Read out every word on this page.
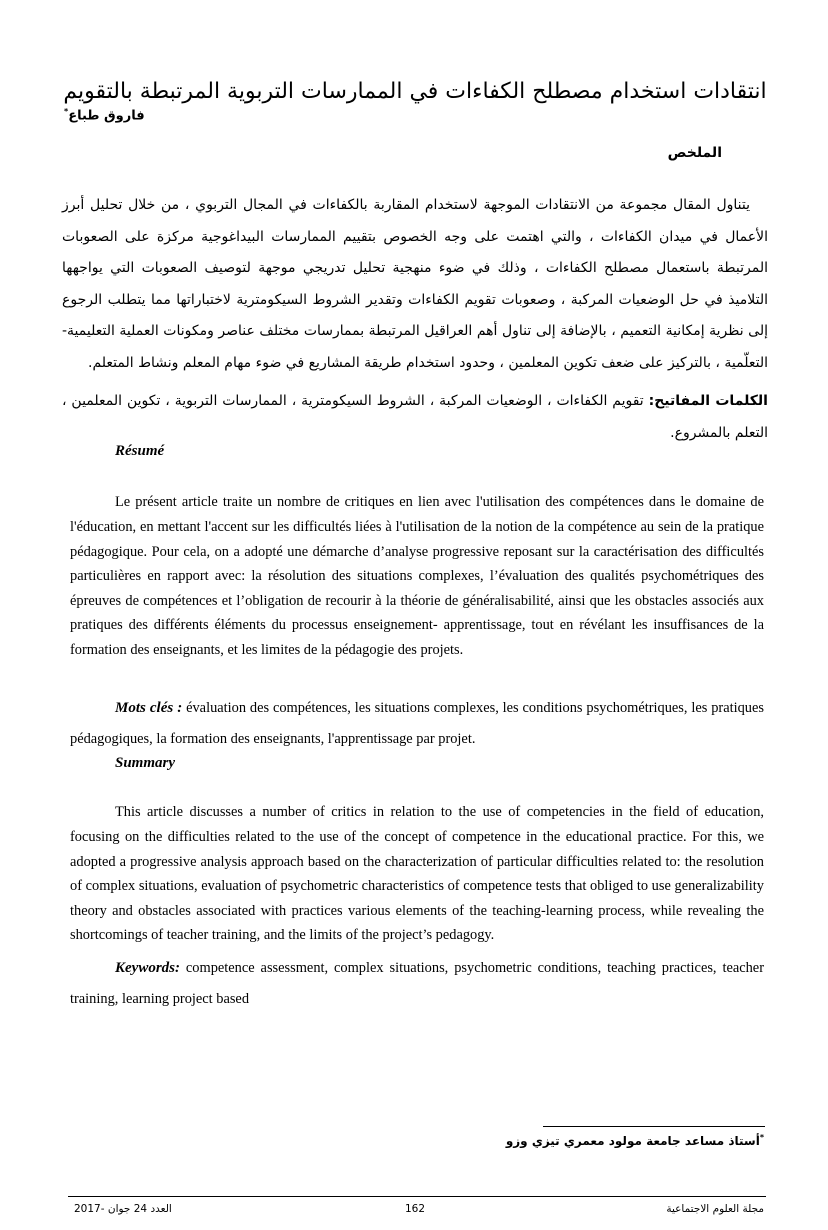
انتقادات استخدام مصطلح الكفاءات في الممارسات التربوية المرتبطة بالتقويم
فاروق طباع*
الملخص

يتناول المقال مجموعة من الانتقادات الموجهة لاستخدام المقاربة بالكفاءات في المجال التربوي ، من خلال تحليل أبرز الأعمال في ميدان الكفاءات ، والتي اهتمت على وجه الخصوص بتقييم الممارسات البيداغوجية مركزة على الصعوبات المرتبطة باستعمال مصطلح الكفاءات ، وذلك في ضوء منهجية تحليل تدريجي موجهة لتوصيف الصعوبات التي يواجهها التلاميذ في حل الوضعيات المركبة ، وصعوبات تقويم الكفاءات وتقدير الشروط السيكومترية لاختباراتها مما يتطلب الرجوع إلى نظرية إمكانية التعميم ، بالإضافة إلى تناول أهم العراقيل المرتبطة بممارسات مختلف عناصر ومكونات العملية التعليمية-التعلّمية ، بالتركيز على ضعف تكوين المعلمين ، وحدود استخدام طريقة المشاريع في ضوء مهام المعلم ونشاط المتعلم.

الكلمات المفاتيح: تقويم الكفاءات ، الوضعيات المركبة ، الشروط السيكومترية ، الممارسات التربوية ، تكوين المعلمين ، التعلم بالمشروع.

Résumé

Le présent article traite un nombre de critiques en lien avec l'utilisation des compétences dans le domaine de l'éducation, en mettant l'accent sur les difficultés liées à l'utilisation de la notion de la compétence au sein de la pratique pédagogique. Pour cela, on a adopté une démarche d’analyse progressive reposant sur la caractérisation des difficultés particulières en rapport avec: la résolution des situations complexes, l’évaluation des qualités psychométriques des épreuves de compétences et l’obligation de recourir à la théorie de généralisabilité, ainsi que les obstacles associés aux pratiques des différents éléments du processus enseignement- apprentissage, tout en révélant les insuffisances de la formation des enseignants, et les limites de la pédagogie des projets.

Mots clés : évaluation des compétences, les situations complexes, les conditions psychométriques, les pratiques pédagogiques, la formation des enseignants, l'apprentissage par projet.

Summary

This article discusses a number of critics in relation to the use of competencies in the field of education, focusing on the difficulties related to the use of the concept of competence in the educational practice. For this, we adopted a progressive analysis approach based on the characterization of particular difficulties related to: the resolution of complex situations, evaluation of psychometric characteristics of competence tests that obliged to use generalizability theory and obstacles associated with practices various elements of the teaching-learning process, while revealing the shortcomings of teacher training, and the limits of the project’s pedagogy.

Keywords: competence assessment, complex situations, psychometric conditions, teaching practices, teacher training, learning project based

*أستاذ مساعد جامعة مولود معمري تيزي وزو
العدد 24 جوان -2017	162	مجلة العلوم الاجتماعية
